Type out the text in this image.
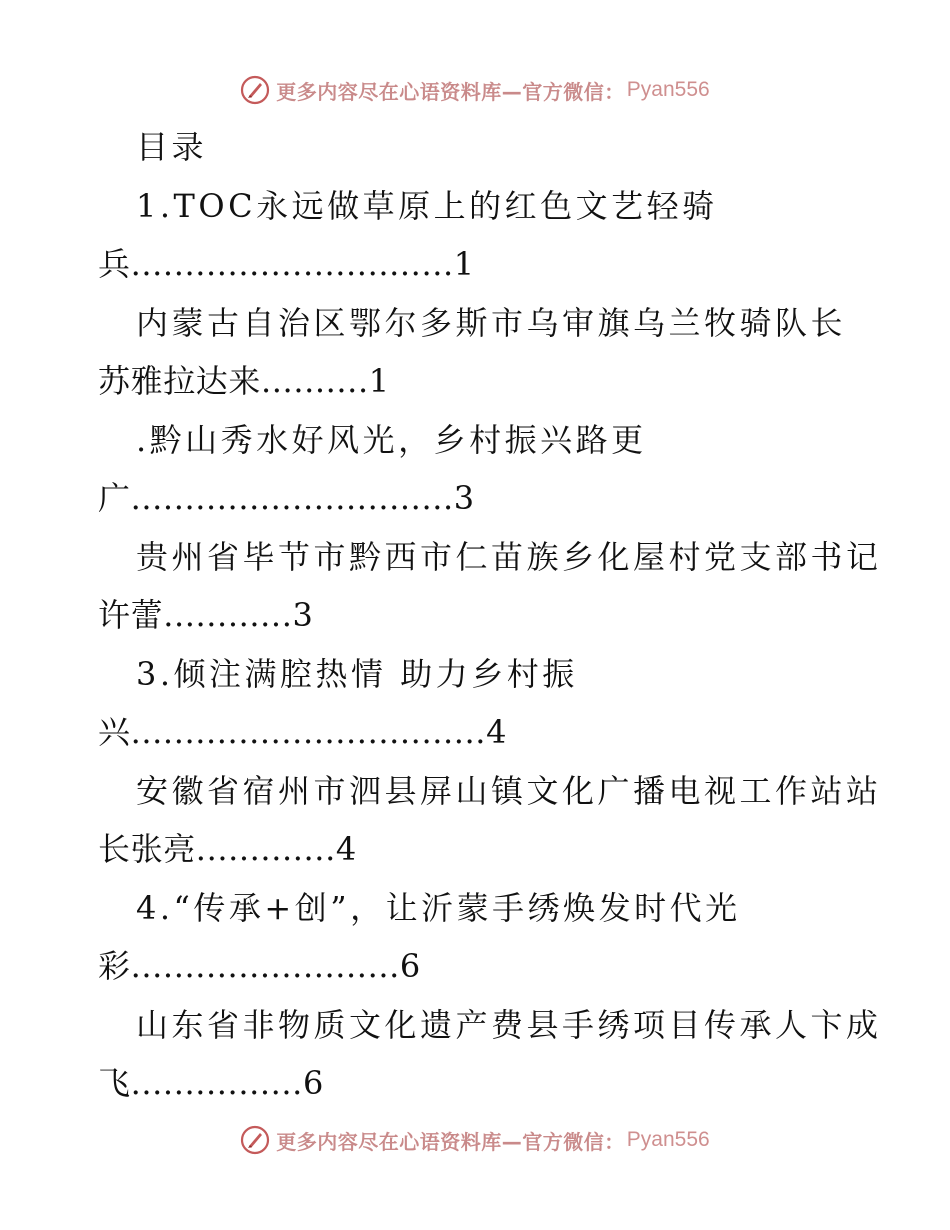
更多内容尽在心语资料库—官方微信： Pyan556
目录
1.TOC永远做草原上的红色文艺轻骑
兵..............................1
内蒙古自治区鄂尔多斯市乌审旗乌兰牧骑队长
苏雅拉达来..........1
.黔山秀水好风光，乡村振兴路更
广..............................3
贵州省毕节市黔西市仁苗族乡化屋村党支部书记
许蕾............3
3.倾注满腔热情 助力乡村振
兴.................................4
安徽省宿州市泗县屏山镇文化广播电视工作站站
长张亮.............4
4.“传承+创”，让沂蒙手绣焕发时代光
彩.........................6
山东省非物质文化遗产费县手绣项目传承人卞成
飞................6
更多内容尽在心语资料库—官方微信： Pyan556
